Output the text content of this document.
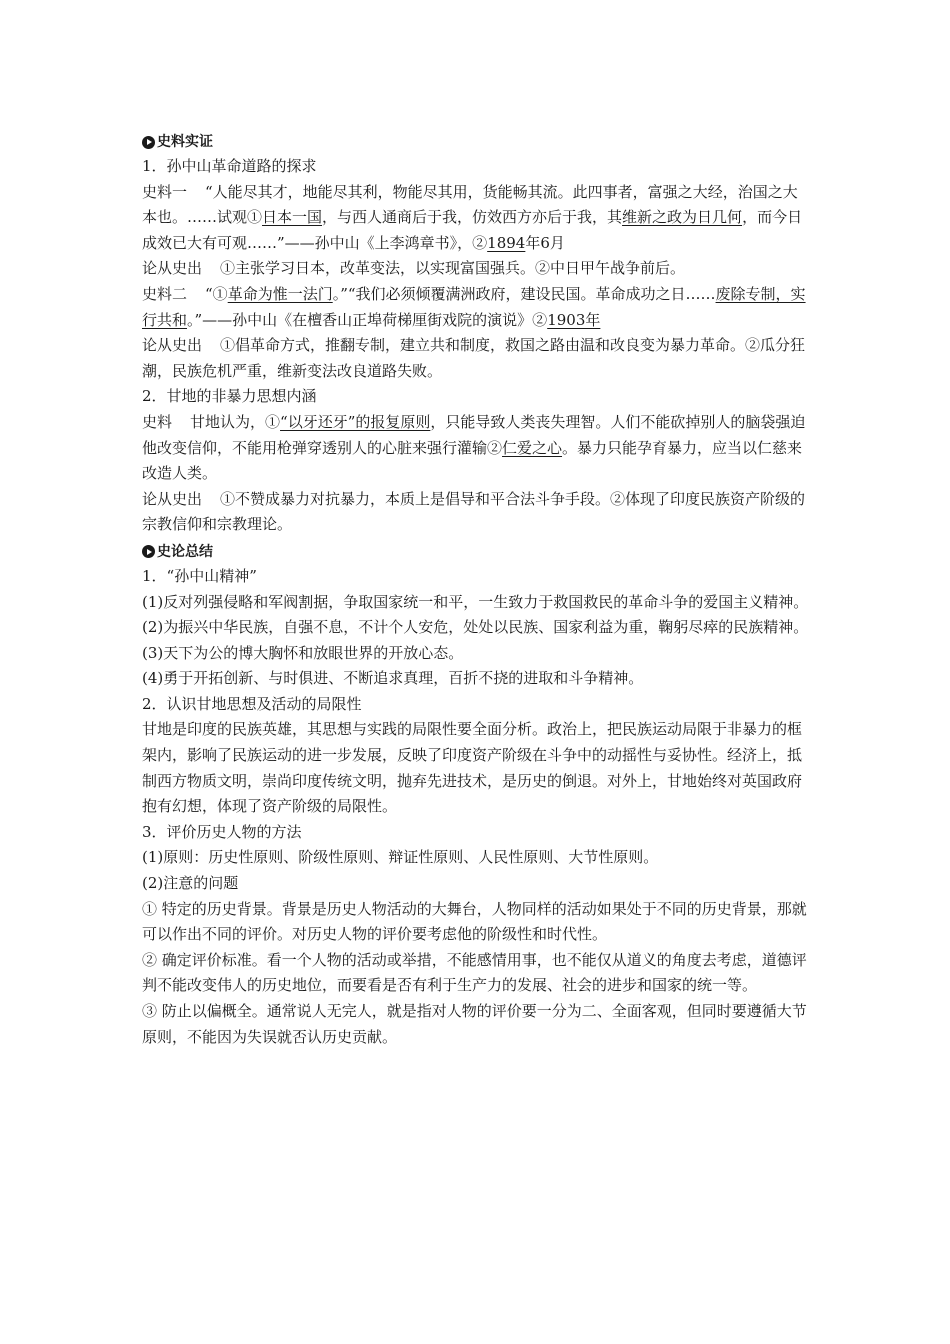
史料实证

1．孙中山革命道路的探求

史料一 “人能尽其才，地能尽其利，物能尽其用，货能畅其流。此四事者，富强之大经，治国之大本也。……试观①日本一国，与西人通商后于我，仿效西方亦后于我，其维新之政为日几何，而今日成效已大有可观……”——孙中山《上李鸿章书》，②1894年6月

论从史出 ①主张学习日本，改革变法，以实现富国强兵。②中日甲午战争前后。

史料二 “①革命为惟一法门。”“我们必须倾覆满洲政府，建设民国。革命成功之日……废除专制，实行共和。”——孙中山《在檀香山正埠荷梯厘街戏院的演说》②1903年

论从史出 ①倡革命方式，推翻专制，建立共和制度，救国之路由温和改良变为暴力革命。②瓜分狂潮，民族危机严重，维新变法改良道路失败。

2．甘地的非暴力思想内涵

史料 甘地认为，①“以牙还牙”的报复原则，只能导致人类丧失理智。人们不能砍掉别人的脑袋强迫他改变信仰，不能用枪弹穿透别人的心脏来强行灌输②仁爱之心。暴力只能孕育暴力，应当以仁慈来改造人类。

论从史出 ①不赞成暴力对抗暴力，本质上是倡导和平合法斗争手段。②体现了印度民族资产阶级的宗教信仰和宗教理论。

史论总结

1．“孙中山精神”

(1)反对列强侵略和军阀割据，争取国家统一和平，一生致力于救国救民的革命斗争的爱国主义精神。

(2)为振兴中华民族，自强不息，不计个人安危，处处以民族、国家利益为重，鞠躬尽瘁的民族精神。

(3)天下为公的博大胸怀和放眼世界的开放心态。

(4)勇于开拓创新、与时俱进、不断追求真理，百折不挠的进取和斗争精神。

2．认识甘地思想及活动的局限性

甘地是印度的民族英雄，其思想与实践的局限性要全面分析。政治上，把民族运动局限于非暴力的框架内，影响了民族运动的进一步发展，反映了印度资产阶级在斗争中的动摇性与妥协性。经济上，抵制西方物质文明，崇尚印度传统文明，抛弃先进技术，是历史的倒退。对外上，甘地始终对英国政府抱有幻想，体现了资产阶级的局限性。

3．评价历史人物的方法

(1)原则：历史性原则、阶级性原则、辩证性原则、人民性原则、大节性原则。

(2)注意的问题

① 特定的历史背景。背景是历史人物活动的大舞台，人物同样的活动如果处于不同的历史背景，那就可以作出不同的评价。对历史人物的评价要考虑他的阶级性和时代性。

② 确定评价标准。看一个人物的活动或举措，不能感情用事，也不能仅从道义的角度去考虑，道德评判不能改变伟人的历史地位，而要看是否有利于生产力的发展、社会的进步和国家的统一等。

③ 防止以偏概全。通常说人无完人，就是指对人物的评价要一分为二、全面客观，但同时要遵循大节原则，不能因为失误就否认历史贡献。
